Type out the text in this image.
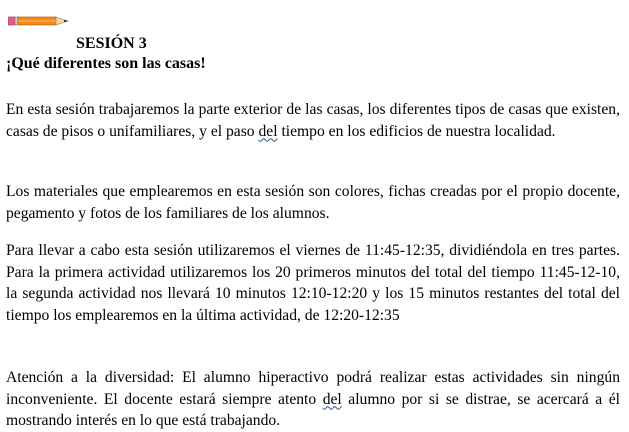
SESIÓN 3
¡Qué diferentes son las casas!

En esta sesión trabajaremos la parte exterior de las casas, los diferentes tipos de casas que existen, casas de pisos o unifamiliares, y el paso del tiempo en los edificios de nuestra localidad.

Los materiales que emplearemos en esta sesión son colores, fichas creadas por el propio docente, pegamento y fotos de los familiares de los alumnos.

Para llevar a cabo esta sesión utilizaremos el viernes de 11:45-12:35, dividiéndola en tres partes. Para la primera actividad utilizaremos los 20 primeros minutos del total del tiempo 11:45-12-10, la segunda actividad nos llevará 10 minutos 12:10-12:20 y los 15 minutos restantes del total del tiempo los emplearemos en la última actividad, de 12:20-12:35

Atención a la diversidad: El alumno hiperactivo podrá realizar estas actividades sin ningún inconveniente. El docente estará siempre atento del alumno por si se distrae, se acercará a él mostrando interés en lo que está trabajando.
